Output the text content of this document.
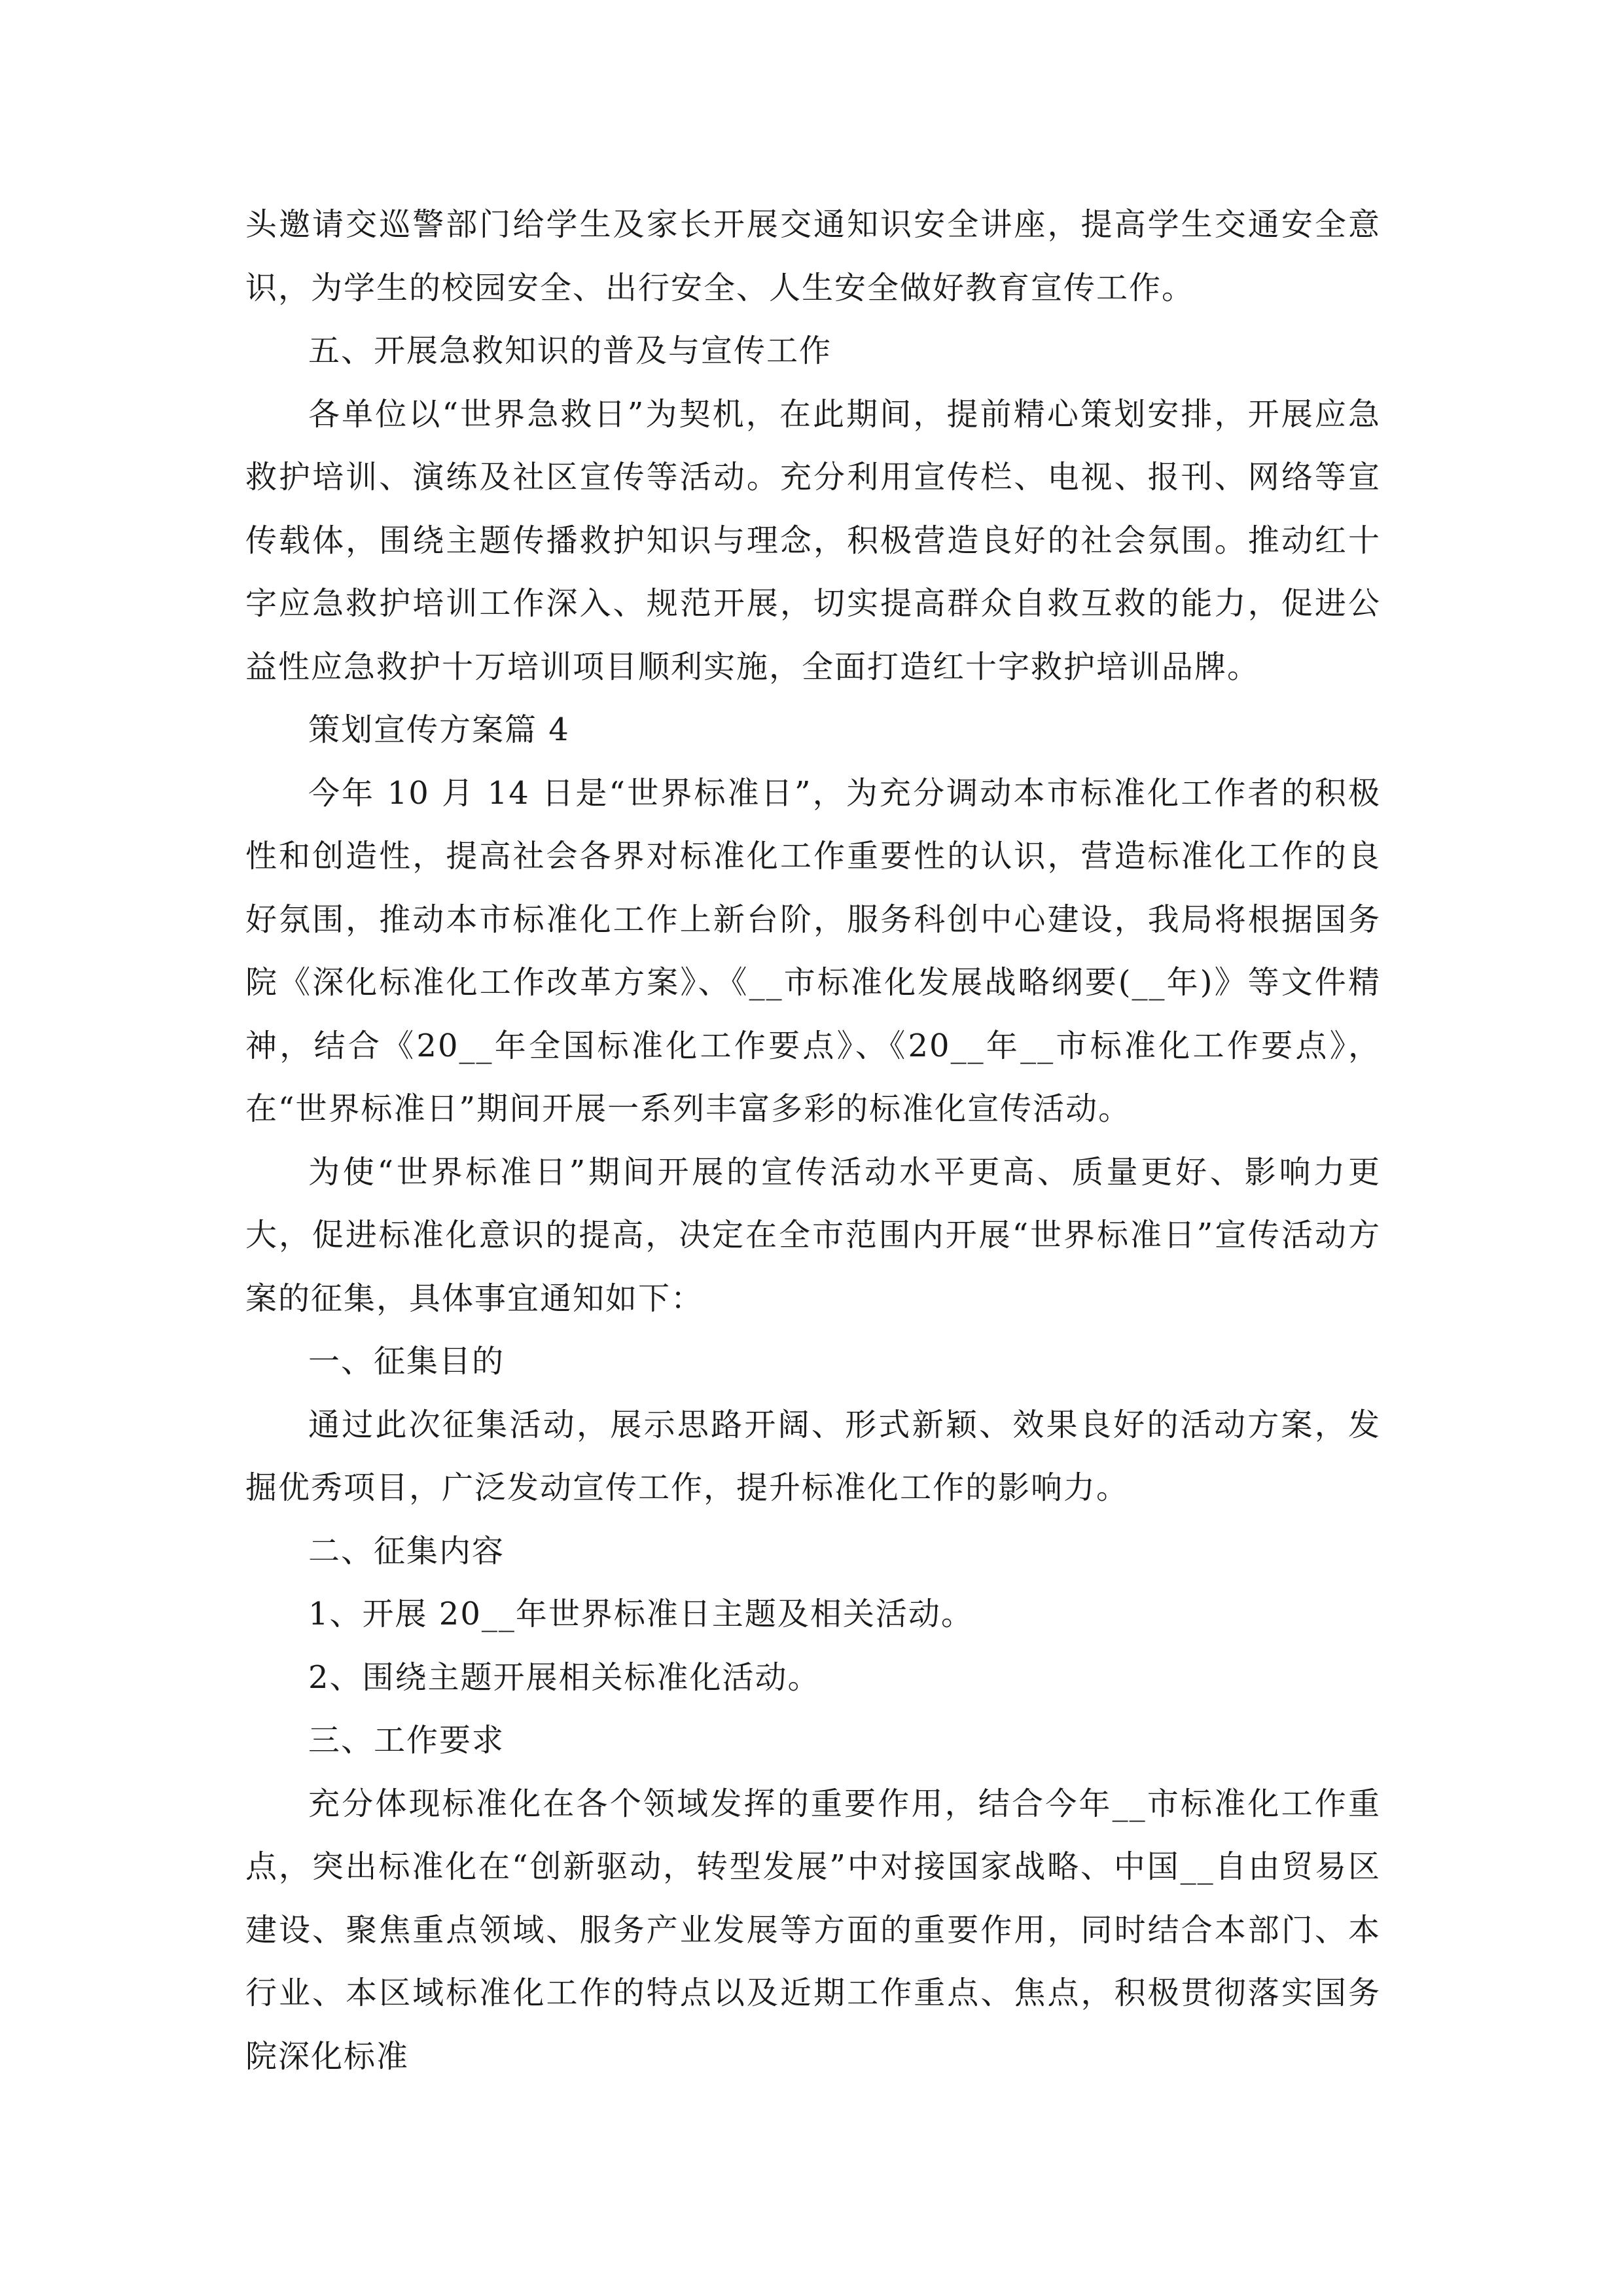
头邀请交巡警部门给学生及家长开展交通知识安全讲座，提高学生交通安全意识，为学生的校园安全、出行安全、人生安全做好教育宣传工作。

五、开展急救知识的普及与宣传工作

各单位以“世界急救日”为契机，在此期间，提前精心策划安排，开展应急救护培训、演练及社区宣传等活动。充分利用宣传栏、电视、报刊、网络等宣传载体，围绕主题传播救护知识与理念，积极营造良好的社会氛围。推动红十字应急救护培训工作深入、规范开展，切实提高群众自救互救的能力，促进公益性应急救护十万培训项目顺利实施，全面打造红十字救护培训品牌。

策划宣传方案篇 4

今年 10 月 14 日是“世界标准日”，为充分调动本市标准化工作者的积极性和创造性，提高社会各界对标准化工作重要性的认识，营造标准化工作的良好氛围，推动本市标准化工作上新台阶，服务科创中心建设，我局将根据国务院《深化标准化工作改革方案》、《__市标准化发展战略纲要(__年)》等文件精神，结合《20__年全国标准化工作要点》、《20__年__市标准化工作要点》，在“世界标准日”期间开展一系列丰富多彩的标准化宣传活动。

为使“世界标准日”期间开展的宣传活动水平更高、质量更好、影响力更大，促进标准化意识的提高，决定在全市范围内开展“世界标准日”宣传活动方案的征集，具体事宜通知如下：

一、征集目的

通过此次征集活动，展示思路开阔、形式新颖、效果良好的活动方案，发掘优秀项目，广泛发动宣传工作，提升标准化工作的影响力。

二、征集内容

1、开展 20__年世界标准日主题及相关活动。

2、围绕主题开展相关标准化活动。

三、工作要求

充分体现标准化在各个领域发挥的重要作用，结合今年__市标准化工作重点，突出标准化在“创新驱动，转型发展”中对接国家战略、中国__自由贸易区建设、聚焦重点领域、服务产业发展等方面的重要作用，同时结合本部门、本行业、本区域标准化工作的特点以及近期工作重点、焦点，积极贯彻落实国务院深化标准
